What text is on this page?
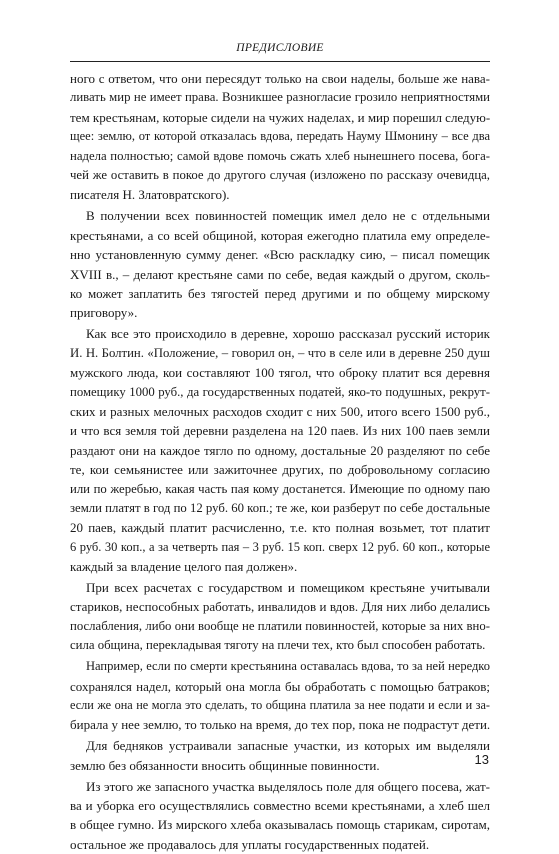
ПРЕДИСЛОВИЕ
ного с ответом, что они пересядут только на свои наделы, больше же нава-
ливать мир не имеет права. Возникшее разногласие грозило неприятностями
тем крестьянам, которые сидели на чужих наделах, и мир порешил следую-
щее: землю, от которой отказалась вдова, передать Науму Шмонину – все два
надела полностью; самой вдове помочь сжать хлеб нынешнего посева, бога-
чей же оставить в покое до другого случая (изложено по рассказу очевидца,
писателя Н. Златовратского).
В получении всех повинностей помещик имел дело не с отдельными
крестьянами, а со всей общиной, которая ежегодно платила ему определе-
нно установленную сумму денег. «Всю раскладку сию, – писал помещик
XVIII в., – делают крестьяне сами по себе, ведая каждый о другом, сколь-
ко может заплатить без тягостей перед другими и по общему мирскому
приговору».
Как все это происходило в деревне, хорошо рассказал русский историк
И. Н. Болтин. «Положение, – говорил он, – что в селе или в деревне 250 душ
мужского люда, кои составляют 100 тягол, что оброку платит вся деревня
помещику 1000 руб., да государственных податей, яко-то подушных, рекрут-
ских и разных мелочных расходов сходит с них 500, итого всего 1500 руб.,
и что вся земля той деревни разделена на 120 паев. Из них 100 паев земли
раздают они на каждое тягло по одному, достальные 20 разделяют по себе
те, кои семьянистее или зажиточнее других, по добровольному согласию
или по жеребью, какая часть пая кому достанется. Имеющие по одному паю
земли платят в год по 12 руб. 60 коп.; те же, кои разберут по себе достальные
20 паев, каждый платит расчисленно, т.е. кто полная возьмет, тот платит
6 руб. 30 коп., а за четверть пая – 3 руб. 15 коп. сверх 12 руб. 60 коп., которые
каждый за владение целого пая должен».
При всех расчетах с государством и помещиком крестьяне учитывали
стариков, неспособных работать, инвалидов и вдов. Для них либо делались
послабления, либо они вообще не платили повинностей, которые за них вно-
сила община, перекладывая тяготу на плечи тех, кто был способен работать.
Например, если по смерти крестьянина оставалась вдова, то за ней нередко
сохранялся надел, который она могла бы обработать с помощью батраков;
если же она не могла это сделать, то община платила за нее подати и если и за-
бирала у нее землю, то только на время, до тех пор, пока не подрастут дети.
Для бедняков устраивали запасные участки, из которых им выделяли
землю без обязанности вносить общинные повинности.
Из этого же запасного участка выделялось поле для общего посева, жат-
ва и уборка его осуществлялись совместно всеми крестьянами, а хлеб шел
в общее гумно. Из мирского хлеба оказывалась помощь старикам, сиротам,
остальное же продавалось для уплаты государственных податей.
13
